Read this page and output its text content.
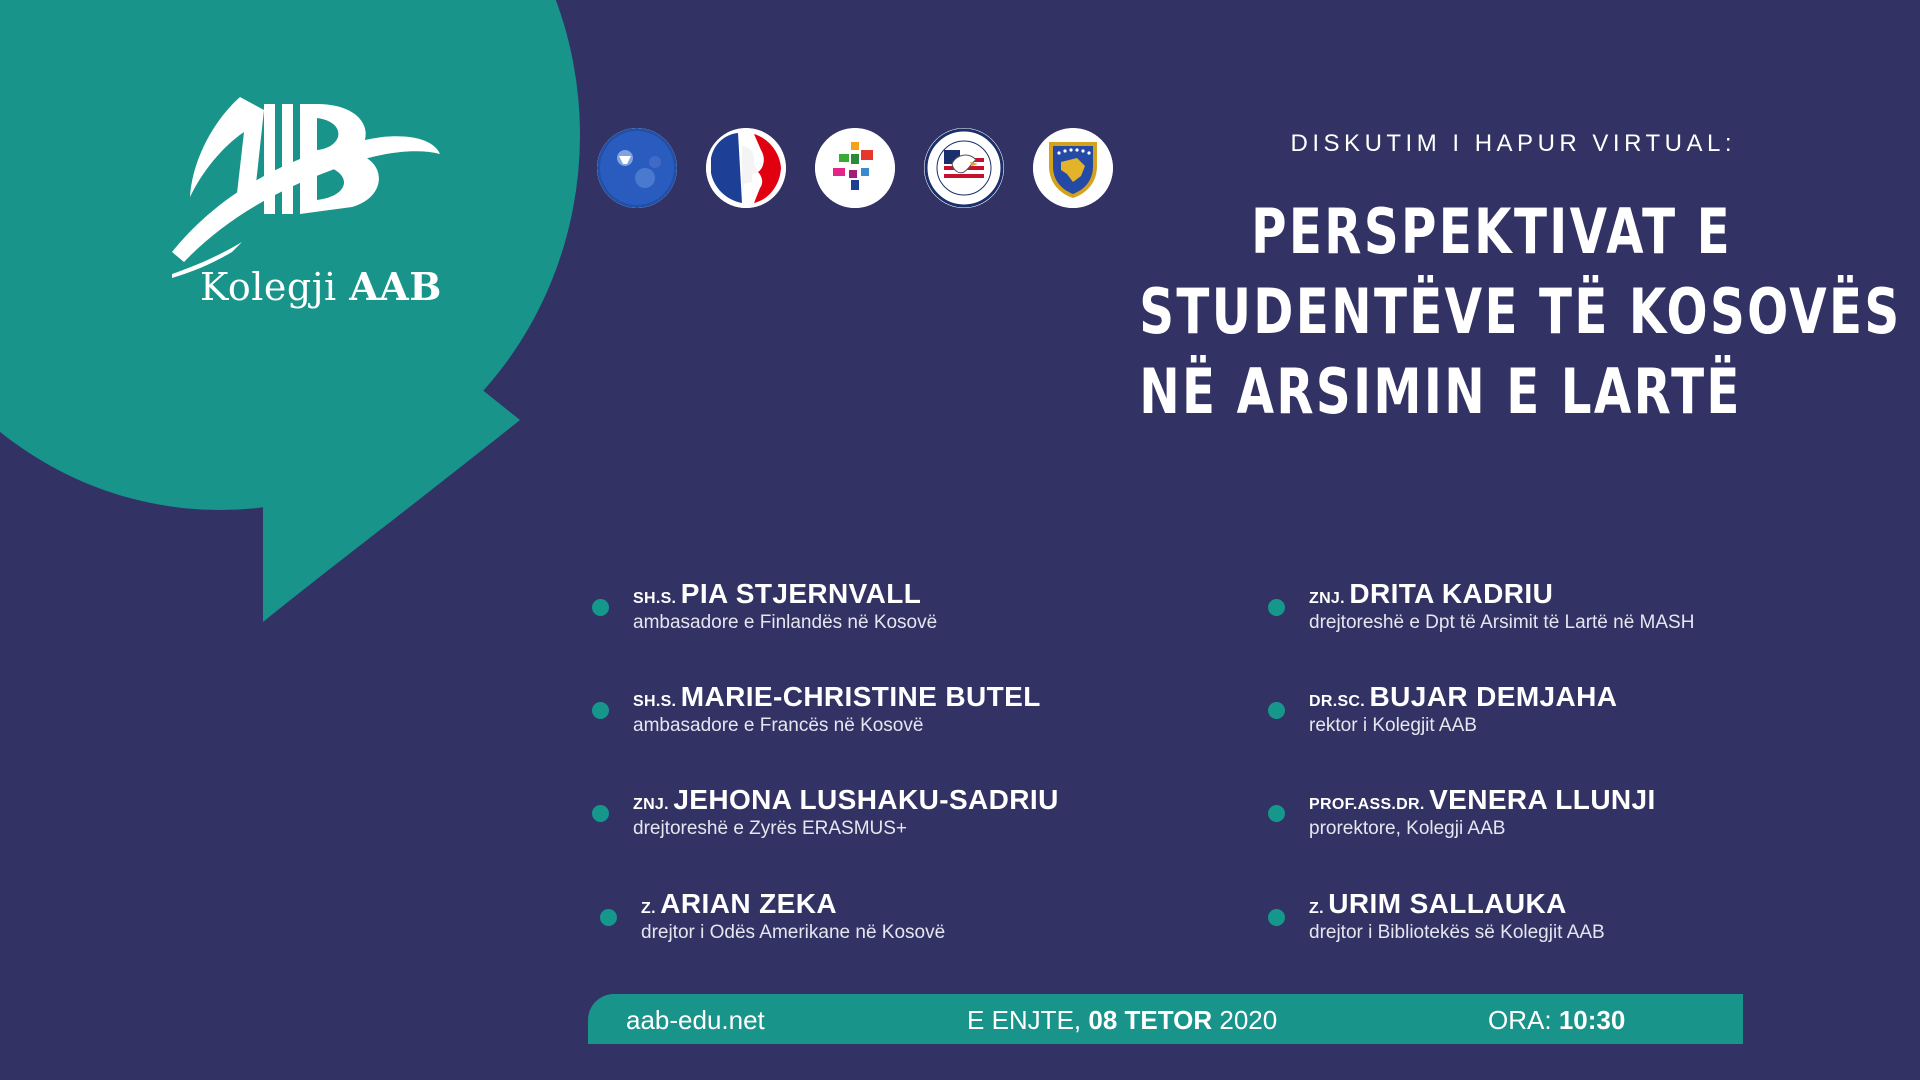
Kolegji AAB
DISKUTIM I HAPUR VIRTUAL:
PERSPEKTIVAT E
STUDENTËVE TË KOSOVËS
NË ARSIMIN E LARTË
SH.S. PIA STJERNVALL
ambasadore e Finlandës në Kosovë
SH.S. MARIE-CHRISTINE BUTEL
ambasadore e Francës në Kosovë
ZNJ. JEHONA LUSHAKU-SADRIU
drejtoreshë e Zyrës ERASMUS+
Z. ARIAN ZEKA
drejtor i Odës Amerikane në Kosovë
ZNJ. DRITA KADRIU
drejtoreshë e Dpt të Arsimit të Lartë në MASH
DR.SC. BUJAR DEMJAHA
rektor i Kolegjit AAB
PROF.ASS.DR. VENERA LLUNJI
prorektore, Kolegji AAB
Z. URIM SALLAUKA
drejtor i Bibliotekës së Kolegjit AAB
aab-edu.net	E ENJTE, 08 TETOR 2020	ORA: 10:30
